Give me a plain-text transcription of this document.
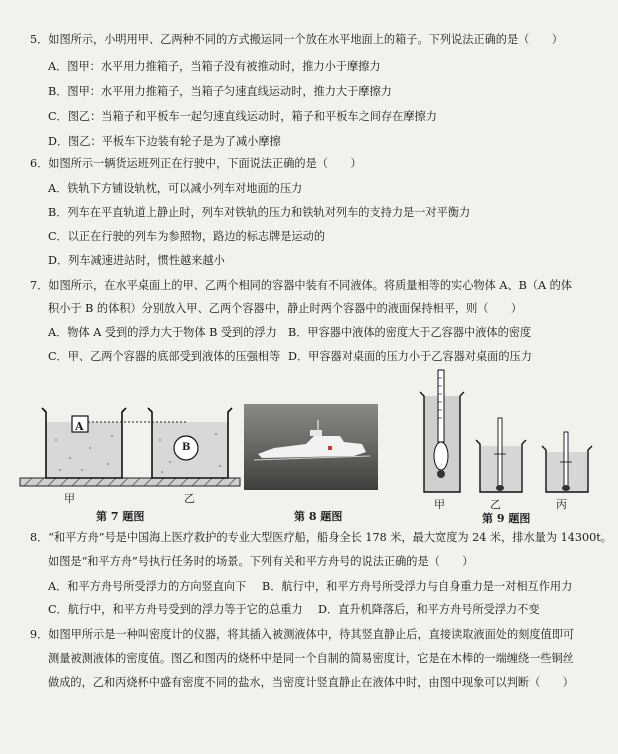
5．如图所示，小明用甲、乙两种不同的方式搬运同一个放在水平地面上的箱子。下列说法正确的是（　　）
A．图甲：水平用力推箱子，当箱子没有被推动时，推力小于摩擦力
B．图甲：水平用力推箱子，当箱子匀速直线运动时，推力大于摩擦力
C．图乙：当箱子和平板车一起匀速直线运动时，箱子和平板车之间存在摩擦力
D．图乙：平板车下边装有轮子是为了减小摩擦
6．如图所示一辆货运班列正在行驶中，下面说法正确的是（　　）
A．铁轨下方铺设轨枕，可以减小列车对地面的压力
B．列车在平直轨道上静止时，列车对铁轨的压力和铁轨对列车的支持力是一对平衡力
C．以正在行驶的列车为参照物，路边的标志牌是运动的
D．列车减速进站时，惯性越来越小
7．如图所示，在水平桌面上的甲、乙两个相同的容器中装有不同液体。将质量相等的实心物体 A、B（A 的体
积小于 B 的体积）分别放入甲、乙两个容器中，静止时两个容器中的液面保持相平，则（　　）
A．物体 A 受到的浮力大于物体 B 受到的浮力 B．甲容器中液体的密度大于乙容器中液体的密度
C．甲、乙两个容器的底部受到液体的压强相等 D．甲容器对桌面的压力小于乙容器对桌面的压力
A
B
甲	乙
第 7 题图	第 8 题图
甲	乙	丙
第 9 题图
8．“和平方舟”号是中国海上医疗救护的专业大型医疗船，船身全长 178 米，最大宽度为 24 米，排水量为 14300t。
如图是“和平方舟”号执行任务时的场景。下列有关和平方舟号的说法正确的是（　　）
A．和平方舟号所受浮力的方向竖直向下 B．航行中，和平方舟号所受浮力与自身重力是一对相互作用力
C．航行中，和平方舟号受到的浮力等于它的总重力 D．直升机降落后，和平方舟号所受浮力不变
9．如图甲所示是一种叫密度计的仪器，将其插入被测液体中，待其竖直静止后，直接读取液面处的刻度值即可
测量被测液体的密度值。图乙和图丙的烧杯中是同一个自制的简易密度计，它是在木棒的一端缠绕一些铜丝
做成的，乙和丙烧杯中盛有密度不同的盐水，当密度计竖直静止在液体中时，由图中现象可以判断（　　）
